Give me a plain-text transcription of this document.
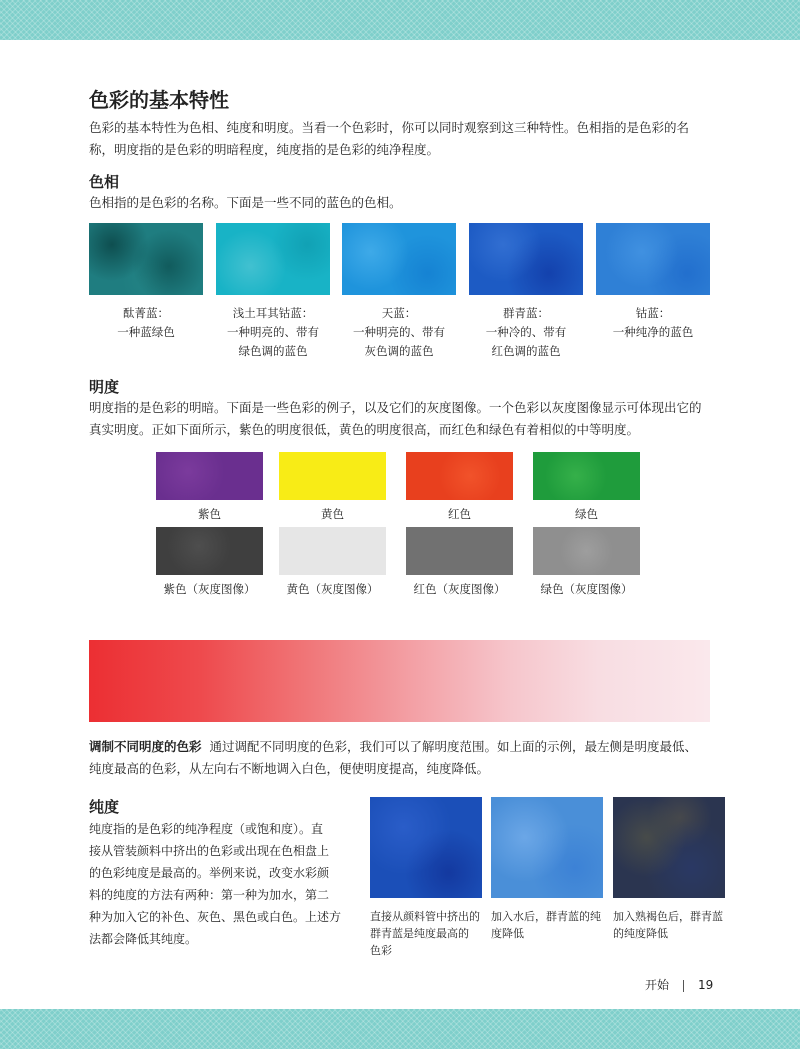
色彩的基本特性
色彩的基本特性为色相、纯度和明度。当看一个色彩时，你可以同时观察到这三种特性。色相指的是色彩的名
称，明度指的是色彩的明暗程度，纯度指的是色彩的纯净程度。
色相
色相指的是色彩的名称。下面是一些不同的蓝色的色相。
酞菁蓝：
一种蓝绿色
浅土耳其钴蓝：
一种明亮的、带有
绿色调的蓝色
天蓝：
一种明亮的、带有
灰色调的蓝色
群青蓝：
一种冷的、带有
红色调的蓝色
钴蓝：
一种纯净的蓝色
明度
明度指的是色彩的明暗。下面是一些色彩的例子，以及它们的灰度图像。一个色彩以灰度图像显示可体现出它的
真实明度。正如下面所示，紫色的明度很低，黄色的明度很高，而红色和绿色有着相似的中等明度。
紫色	黄色	红色	绿色
紫色（灰度图像）	黄色（灰度图像）	红色（灰度图像）	绿色（灰度图像）
调制不同明度的色彩 通过调配不同明度的色彩，我们可以了解明度范围。如上面的示例，最左侧是明度最低、
纯度最高的色彩，从左向右不断地调入白色，便使明度提高，纯度降低。
纯度
纯度指的是色彩的纯净程度（或饱和度）。直
接从管装颜料中挤出的色彩或出现在色相盘上
的色彩纯度是最高的。举例来说，改变水彩颜
料的纯度的方法有两种：第一种为加水，第二
种为加入它的补色、灰色、黑色或白色。上述方
法都会降低其纯度。
直接从颜料管中挤出的
群青蓝是纯度最高的
色彩
加入水后，群青蓝的纯
度降低
加入熟褐色后，群青蓝
的纯度降低
开始 19
